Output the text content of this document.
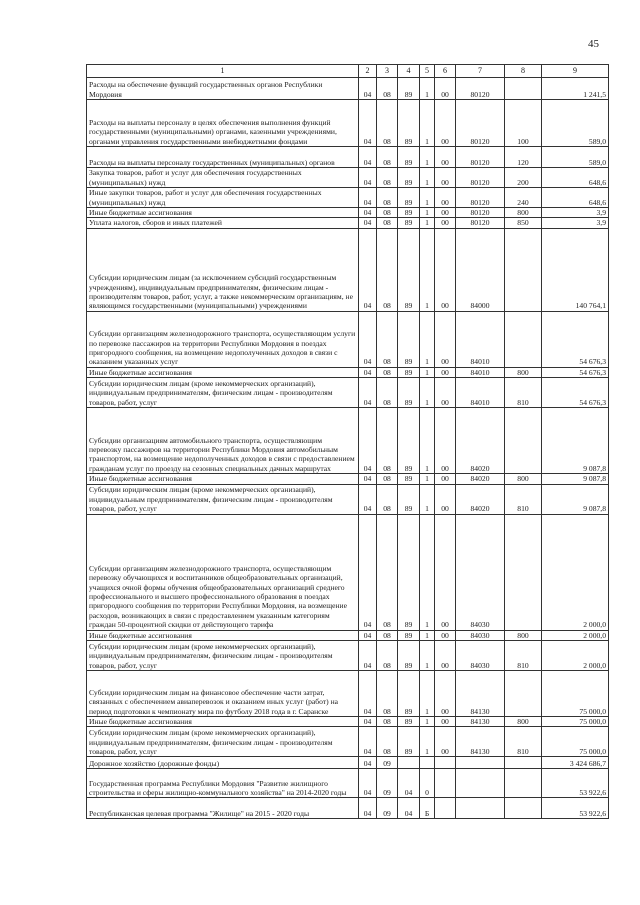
45
1	2	3	4	5	6	7	8	9
Расходы на обеспечение функций государственных органов Республики Мордовия	04	08	89	1	00	80120		1 241,5
Расходы на выплаты персоналу в целях обеспечения выполнения функций государственными (муниципальными) органами, казенными учреждениями, органами управления государственными внебюджетными фондами	04	08	89	1	00	80120	100	589,0
Расходы на выплаты персоналу государственных (муниципальных) органов	04	08	89	1	00	80120	120	589,0
Закупка товаров, работ и услуг для обеспечения государственных (муниципальных) нужд	04	08	89	1	00	80120	200	648,6
Иные закупки товаров, работ и услуг для обеспечения государственных (муниципальных) нужд	04	08	89	1	00	80120	240	648,6
Иные бюджетные ассигнования	04	08	89	1	00	80120	800	3,9
Уплата налогов, сборов и иных платежей	04	08	89	1	00	80120	850	3,9
Субсидии юридическим лицам (за исключением субсидий государственным учреждениям), индивидуальным предпринимателям, физическим лицам - производителям товаров, работ, услуг, а также некоммерческим организациям, не являющимся государственными (муниципальными) учреждениями	04	08	89	1	00	84000		140 764,1
Субсидии организациям железнодорожного транспорта, осуществляющим услуги по перевозке пассажиров на территории Республики Мордовия в поездах пригородного сообщения, на возмещение недополученных доходов в связи с оказанием указанных услуг	04	08	89	1	00	84010		54 676,3
Иные бюджетные ассигнования	04	08	89	1	00	84010	800	54 676,3
Субсидии юридическим лицам (кроме некоммерческих организаций), индивидуальным предпринимателям, физическим лицам - производителям товаров, работ, услуг	04	08	89	1	00	84010	810	54 676,3
Субсидии организациям автомобильного транспорта, осуществляющим перевозку пассажиров на территории Республики Мордовия автомобильным транспортом, на возмещение недополученных доходов в связи с предоставлением гражданам услуг по проезду на сезонных специальных дачных маршрутах	04	08	89	1	00	84020		9 087,8
Иные бюджетные ассигнования	04	08	89	1	00	84020	800	9 087,8
Субсидии юридическим лицам (кроме некоммерческих организаций), индивидуальным предпринимателям, физическим лицам - производителям товаров, работ, услуг	04	08	89	1	00	84020	810	9 087,8
Субсидии организациям железнодорожного транспорта, осуществляющим перевозку обучающихся и воспитанников общеобразовательных организаций, учащихся очной формы обучения общеобразовательных организаций среднего профессионального и высшего профессионального образования в поездах пригородного сообщения по территории Республики Мордовия, на возмещение расходов, возникающих в связи с предоставлением указанным категориям граждан 50-процентной скидки от действующего тарифа	04	08	89	1	00	84030		2 000,0
Иные бюджетные ассигнования	04	08	89	1	00	84030	800	2 000,0
Субсидии юридическим лицам (кроме некоммерческих организаций), индивидуальным предпринимателям, физическим лицам - производителям товаров, работ, услуг	04	08	89	1	00	84030	810	2 000,0
Субсидии юридическим лицам на финансовое обеспечение части затрат, связанных с обеспечением авиаперевозок и оказанием иных услуг (работ) на период подготовки к чемпионату мира по футболу 2018 года в г. Саранске	04	08	89	1	00	84130		75 000,0
Иные бюджетные ассигнования	04	08	89	1	00	84130	800	75 000,0
Субсидии юридическим лицам (кроме некоммерческих организаций), индивидуальным предпринимателям, физическим лицам - производителям товаров, работ, услуг	04	08	89	1	00	84130	810	75 000,0
Дорожное хозяйство (дорожные фонды)	04	09						3 424 686,7
Государственная программа Республики Мордовия "Развитие жилищного строительства и сферы жилищно-коммунального хозяйства" на 2014-2020 годы	04	09	04	0				53 922,6
Республиканская целевая программа "Жилище" на 2015 - 2020 годы	04	09	04	Б				53 922,6
